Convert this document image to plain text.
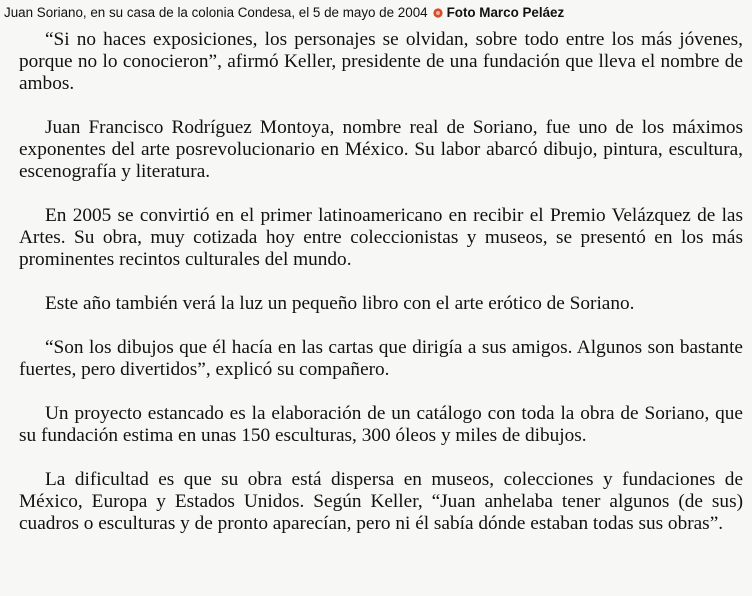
Juan Soriano, en su casa de la colonia Condesa, el 5 de mayo de 2004 Foto Marco Peláez

“Si no haces exposiciones, los personajes se olvidan, sobre todo entre los más jóvenes, porque no lo conocieron”, afirmó Keller, presidente de una fundación que lleva el nombre de ambos.

Juan Francisco Rodríguez Montoya, nombre real de Soriano, fue uno de los máximos exponentes del arte posrevolucionario en México. Su labor abarcó dibujo, pintura, escultura, escenografía y literatura.

En 2005 se convirtió en el primer latinoamericano en recibir el Premio Velázquez de las Artes. Su obra, muy cotizada hoy entre coleccionistas y museos, se presentó en los más prominentes recintos culturales del mundo.

Este año también verá la luz un pequeño libro con el arte erótico de Soriano.

“Son los dibujos que él hacía en las cartas que dirigía a sus amigos. Algunos son bastante fuertes, pero divertidos”, explicó su compañero.

Un proyecto estancado es la elaboración de un catálogo con toda la obra de Soriano, que su fundación estima en unas 150 esculturas, 300 óleos y miles de dibujos.

La dificultad es que su obra está dispersa en museos, colecciones y fundaciones de México, Europa y Estados Unidos. Según Keller, “Juan anhelaba tener algunos (de sus) cuadros o esculturas y de pronto aparecían, pero ni él sabía dónde estaban todas sus obras”.
